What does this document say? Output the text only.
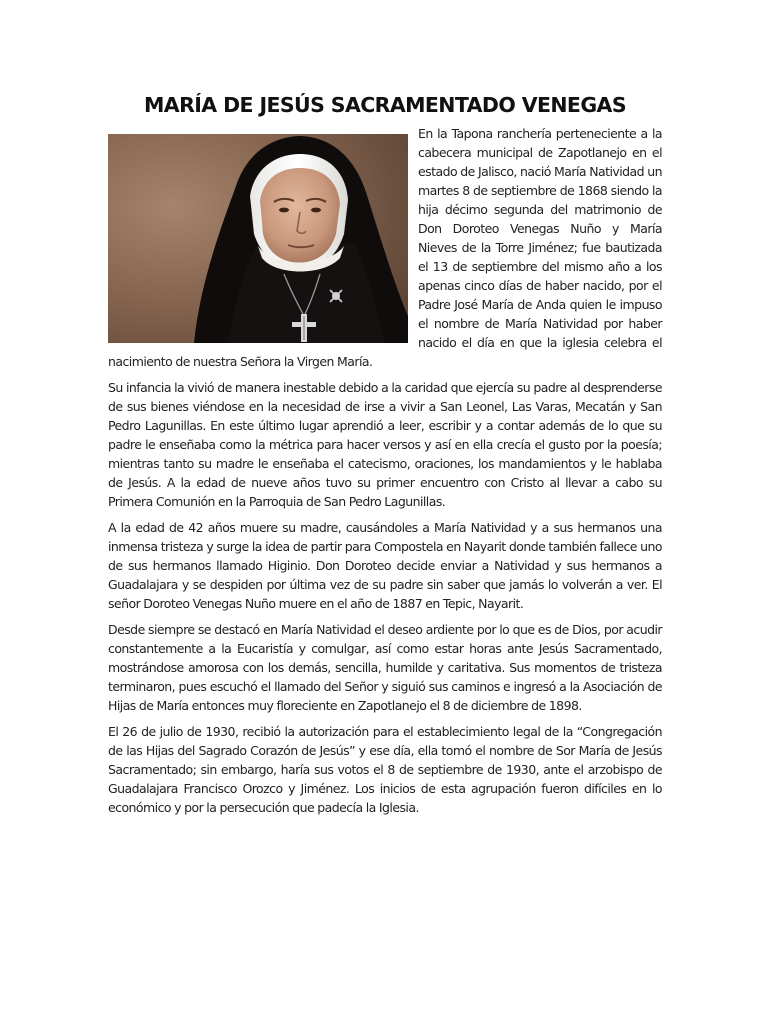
MARÍA DE JESÚS SACRAMENTADO VENEGAS

En la Tapona ranchería perteneciente a la cabecera municipal de Zapotlanejo en el estado de Jalisco, nació María Natividad un martes 8 de septiembre de 1868 siendo la hija décimo segunda del matrimonio de Don Doroteo Venegas Nuño y María Nieves de la Torre Jiménez; fue bautizada el 13 de septiembre del mismo año a los apenas cinco días de haber nacido, por el Padre José María de Anda quien le impuso el nombre de María Natividad por haber nacido el día en que la iglesia celebra el nacimiento de nuestra Señora la Virgen María.

Su infancia la vivió de manera inestable debido a la caridad que ejercía su padre al desprenderse de sus bienes viéndose en la necesidad de irse a vivir a San Leonel, Las Varas, Mecatán y San Pedro Lagunillas. En este último lugar aprendió a leer, escribir y a contar además de lo que su padre le enseñaba como la métrica para hacer versos y así en ella crecía el gusto por la poesía; mientras tanto su madre le enseñaba el catecismo, oraciones, los mandamientos y le hablaba de Jesús. A la edad de nueve años tuvo su primer encuentro con Cristo al llevar a cabo su Primera Comunión en la Parroquia de San Pedro Lagunillas.

A la edad de 42 años muere su madre, causándoles a María Natividad y a sus hermanos una inmensa tristeza y surge la idea de partir para Compostela en Nayarit donde también fallece uno de sus hermanos llamado Higinio. Don Doroteo decide enviar a Natividad y sus hermanos a Guadalajara y se despiden por última vez de su padre sin saber que jamás lo volverán a ver. El señor Doroteo Venegas Nuño muere en el año de 1887 en Tepic, Nayarit.

Desde siempre se destacó en María Natividad el deseo ardiente por lo que es de Dios, por acudir constantemente a la Eucaristía y comulgar, así como estar horas ante Jesús Sacramentado, mostrándose amorosa con los demás, sencilla, humilde y caritativa. Sus momentos de tristeza terminaron, pues escuchó el llamado del Señor y siguió sus caminos e ingresó a la Asociación de Hijas de María entonces muy floreciente en Zapotlanejo el 8 de diciembre de 1898.

El 26 de julio de 1930, recibió la autorización para el establecimiento legal de la “Congregación de las Hijas del Sagrado Corazón de Jesús” y ese día, ella tomó el nombre de Sor María de Jesús Sacramentado; sin embargo, haría sus votos el 8 de septiembre de 1930, ante el arzobispo de Guadalajara Francisco Orozco y Jiménez. Los inicios de esta agrupación fueron difíciles en lo económico y por la persecución que padecía la Iglesia.
